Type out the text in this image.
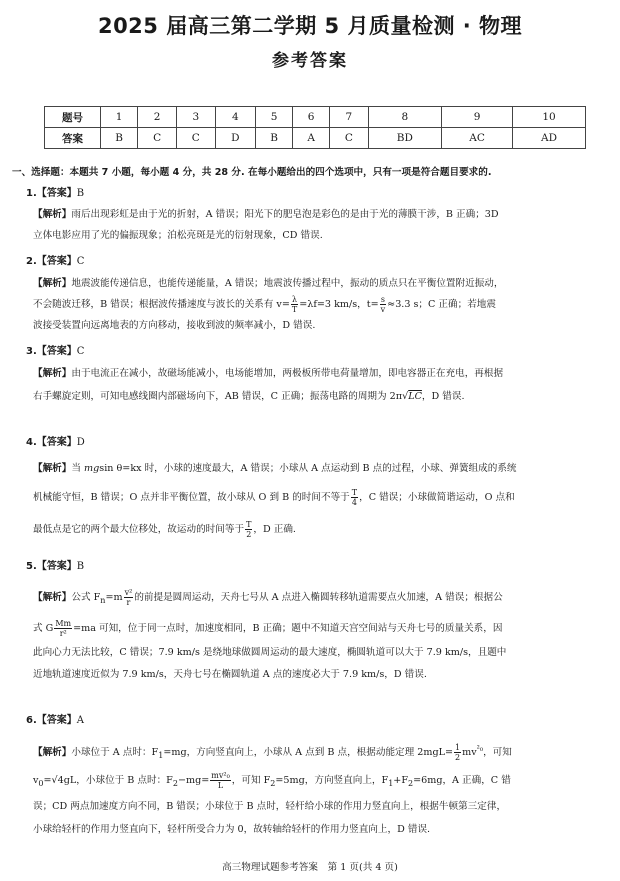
2025 届高三第二学期 5 月质量检测 · 物理
参考答案
题号	1	2	3	4	5	6	7	8	9	10
答案	B	C	C	D	B	A	C	BD	AC	AD
一、选择题：本题共 7 小题，每小题 4 分，共 28 分. 在每小题给出的四个选项中，只有一项是符合题目要求的.
1.【答案】B
【解析】雨后出现彩虹是由于光的折射，A 错误；阳光下的肥皂泡是彩色的是由于光的薄膜干涉，B 正确；3D
立体电影应用了光的偏振现象；泊松亮斑是光的衍射现象，CD 错误.
2.【答案】C
【解析】地震波能传递信息，也能传递能量，A 错误；地震波传播过程中，振动的质点只在平衡位置附近振动，
不会随波迁移，B 错误；根据波传播速度与波长的关系有 $v= \frac{\lambda}{T} =\lambda f=3$ km/s，$t= \frac{s}{v} \approx 3.3$ s；C 正确；若地震
波接受装置向远离地表的方向移动，接收到波的频率减小，D 错误.
3.【答案】C
【解析】由于电流正在减小，故磁场能减小，电场能增加，两极板所带电荷量增加，即电容器正在充电，再根据
右手螺旋定则，可知电感线圈内部磁场向下，AB 错误，C 正确；振荡电路的周期为 2π√LC，D 错误.
4.【答案】D
【解析】当 mgsin θ=kx 时，小球的速度最大，A 错误；小球从 A 点运动到 B 点的过程，小球、弹簧组成的系统
机械能守恒，B 错误；O 点并非平衡位置，故小球从 O 到 B 的时间不等于 $\frac{T}{4}$ ，C 错误；小球做简谐运动，O 点和
最低点是它的两个最大位移处，故运动的时间等于 $\frac{T}{2}$ ，D 正确.
5.【答案】B
【解析】公式 $F_n=m \frac{\text{v²}}{r}$ 的前提是圆周运动，天舟七号从 A 点进入椭圆转移轨道需要点火加速，A 错误；根据公
式 G $\frac{Mm}{\text{r²}} =ma$ 可知，位于同一点时，加速度相同，B 正确；题中不知道天宫空间站与天舟七号的质量关系，因
此向心力无法比较，C 错误；7.9 km/s 是绕地球做圆周运动的最大速度，椭圆轨道可以大于 7.9 km/s，且题中
近地轨道速度近似为 7.9 km/s，天舟七号在椭圆轨道 A 点的速度必大于 7.9 km/s，D 错误.
6.【答案】A
【解析】小球位于 A 点时：$F_1=mg$，方向竖直向上，小球从 A 点到 B 点，根据动能定理 $2mgL= \frac{1}{2} mv^{^2_0}$，可知
$v_0=√4gL$，小球位于 B 点时：$F_2-mg= \frac{\text{mv²₀}}{L}$ ，可知 $F_2=5mg$，方向竖直向上，$F_1+F_2=6mg$，A 正确，C 错
误；CD 两点加速度方向不同，B 错误；小球位于 B 点时，轻杆给小球的作用力竖直向上，根据牛顿第三定律，
小球给轻杆的作用力竖直向下，轻杆所受合力为 0，故转轴给轻杆的作用力竖直向上，D 错误.
高三物理试题参考答案　第 1 页(共 4 页)
